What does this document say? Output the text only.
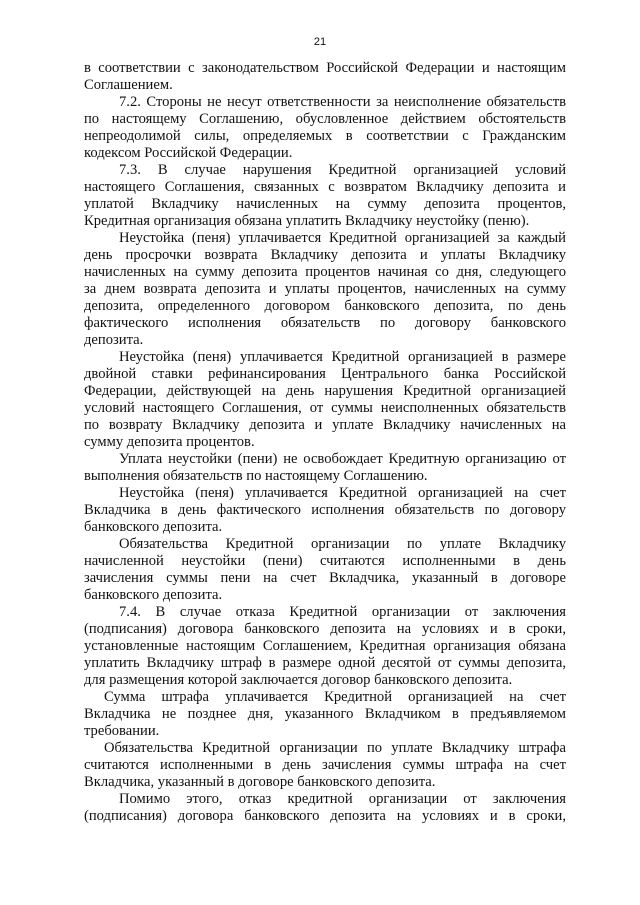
21
в соответствии с законодательством Российской Федерации и настоящим
Соглашением.
7.2. Стороны не несут ответственности за неисполнение обязательств
по настоящему Соглашению, обусловленное действием обстоятельств
непреодолимой силы, определяемых в соответствии с Гражданским
кодексом Российской Федерации.
7.3. В случае нарушения Кредитной организацией условий
настоящего Соглашения, связанных с возвратом Вкладчику депозита и
уплатой Вкладчику начисленных на сумму депозита процентов,
Кредитная организация обязана уплатить Вкладчику неустойку (пеню).
Неустойка (пеня) уплачивается Кредитной организацией за каждый
день просрочки возврата Вкладчику депозита и уплаты Вкладчику
начисленных на сумму депозита процентов начиная со дня, следующего
за днем возврата депозита и уплаты процентов, начисленных на сумму
депозита, определенного договором банковского депозита, по день
фактического исполнения обязательств по договору банковского
депозита.
Неустойка (пеня) уплачивается Кредитной организацией в размере
двойной ставки рефинансирования Центрального банка Российской
Федерации, действующей на день нарушения Кредитной организацией
условий настоящего Соглашения, от суммы неисполненных обязательств
по возврату Вкладчику депозита и уплате Вкладчику начисленных на
сумму депозита процентов.
Уплата неустойки (пени) не освобождает Кредитную организацию от
выполнения обязательств по настоящему Соглашению.
Неустойка (пеня) уплачивается Кредитной организацией на счет
Вкладчика в день фактического исполнения обязательств по договору
банковского депозита.
Обязательства Кредитной организации по уплате Вкладчику
начисленной неустойки (пени) считаются исполненными в день
зачисления суммы пени на счет Вкладчика, указанный в договоре
банковского депозита.
7.4. В случае отказа Кредитной организации от заключения
(подписания) договора банковского депозита на условиях и в сроки,
установленные настоящим Соглашением, Кредитная организация обязана
уплатить Вкладчику штраф в размере одной десятой от суммы депозита,
для размещения которой заключается договор банковского депозита.
Сумма штрафа уплачивается Кредитной организацией на счет
Вкладчика не позднее дня, указанного Вкладчиком в предъявляемом
требовании.
Обязательства Кредитной организации по уплате Вкладчику штрафа
считаются исполненными в день зачисления суммы штрафа на счет
Вкладчика, указанный в договоре банковского депозита.
Помимо этого, отказ кредитной организации от заключения
(подписания) договора банковского депозита на условиях и в сроки,
